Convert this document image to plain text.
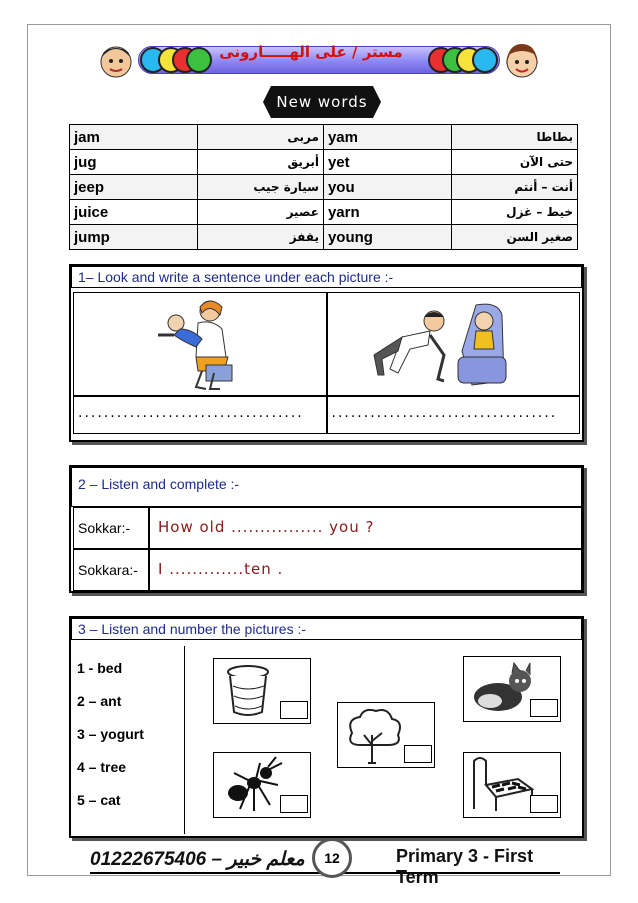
مستر / على الهـــــارونى
New words
jam	مربى	yam	بطاطا
jug	أبريق	yet	حتى الآن
jeep	سيارة جيب	you	أنت – أنتم
juice	عصير	yarn	خيط – غزل
jump	يقفز	young	صغير السن
1– Look and write a sentence under each picture :-
...................................	...................................
2 – Listen and complete :-
Sokkar:-	How old ................ you ?
Sokkara:-	I .............ten .
3 – Listen and number the pictures :-
1 - bed
2 – ant
3 – yogurt
4 – tree
5 – cat
01222675406 – معلم خبير	12	Primary 3 - First Term
